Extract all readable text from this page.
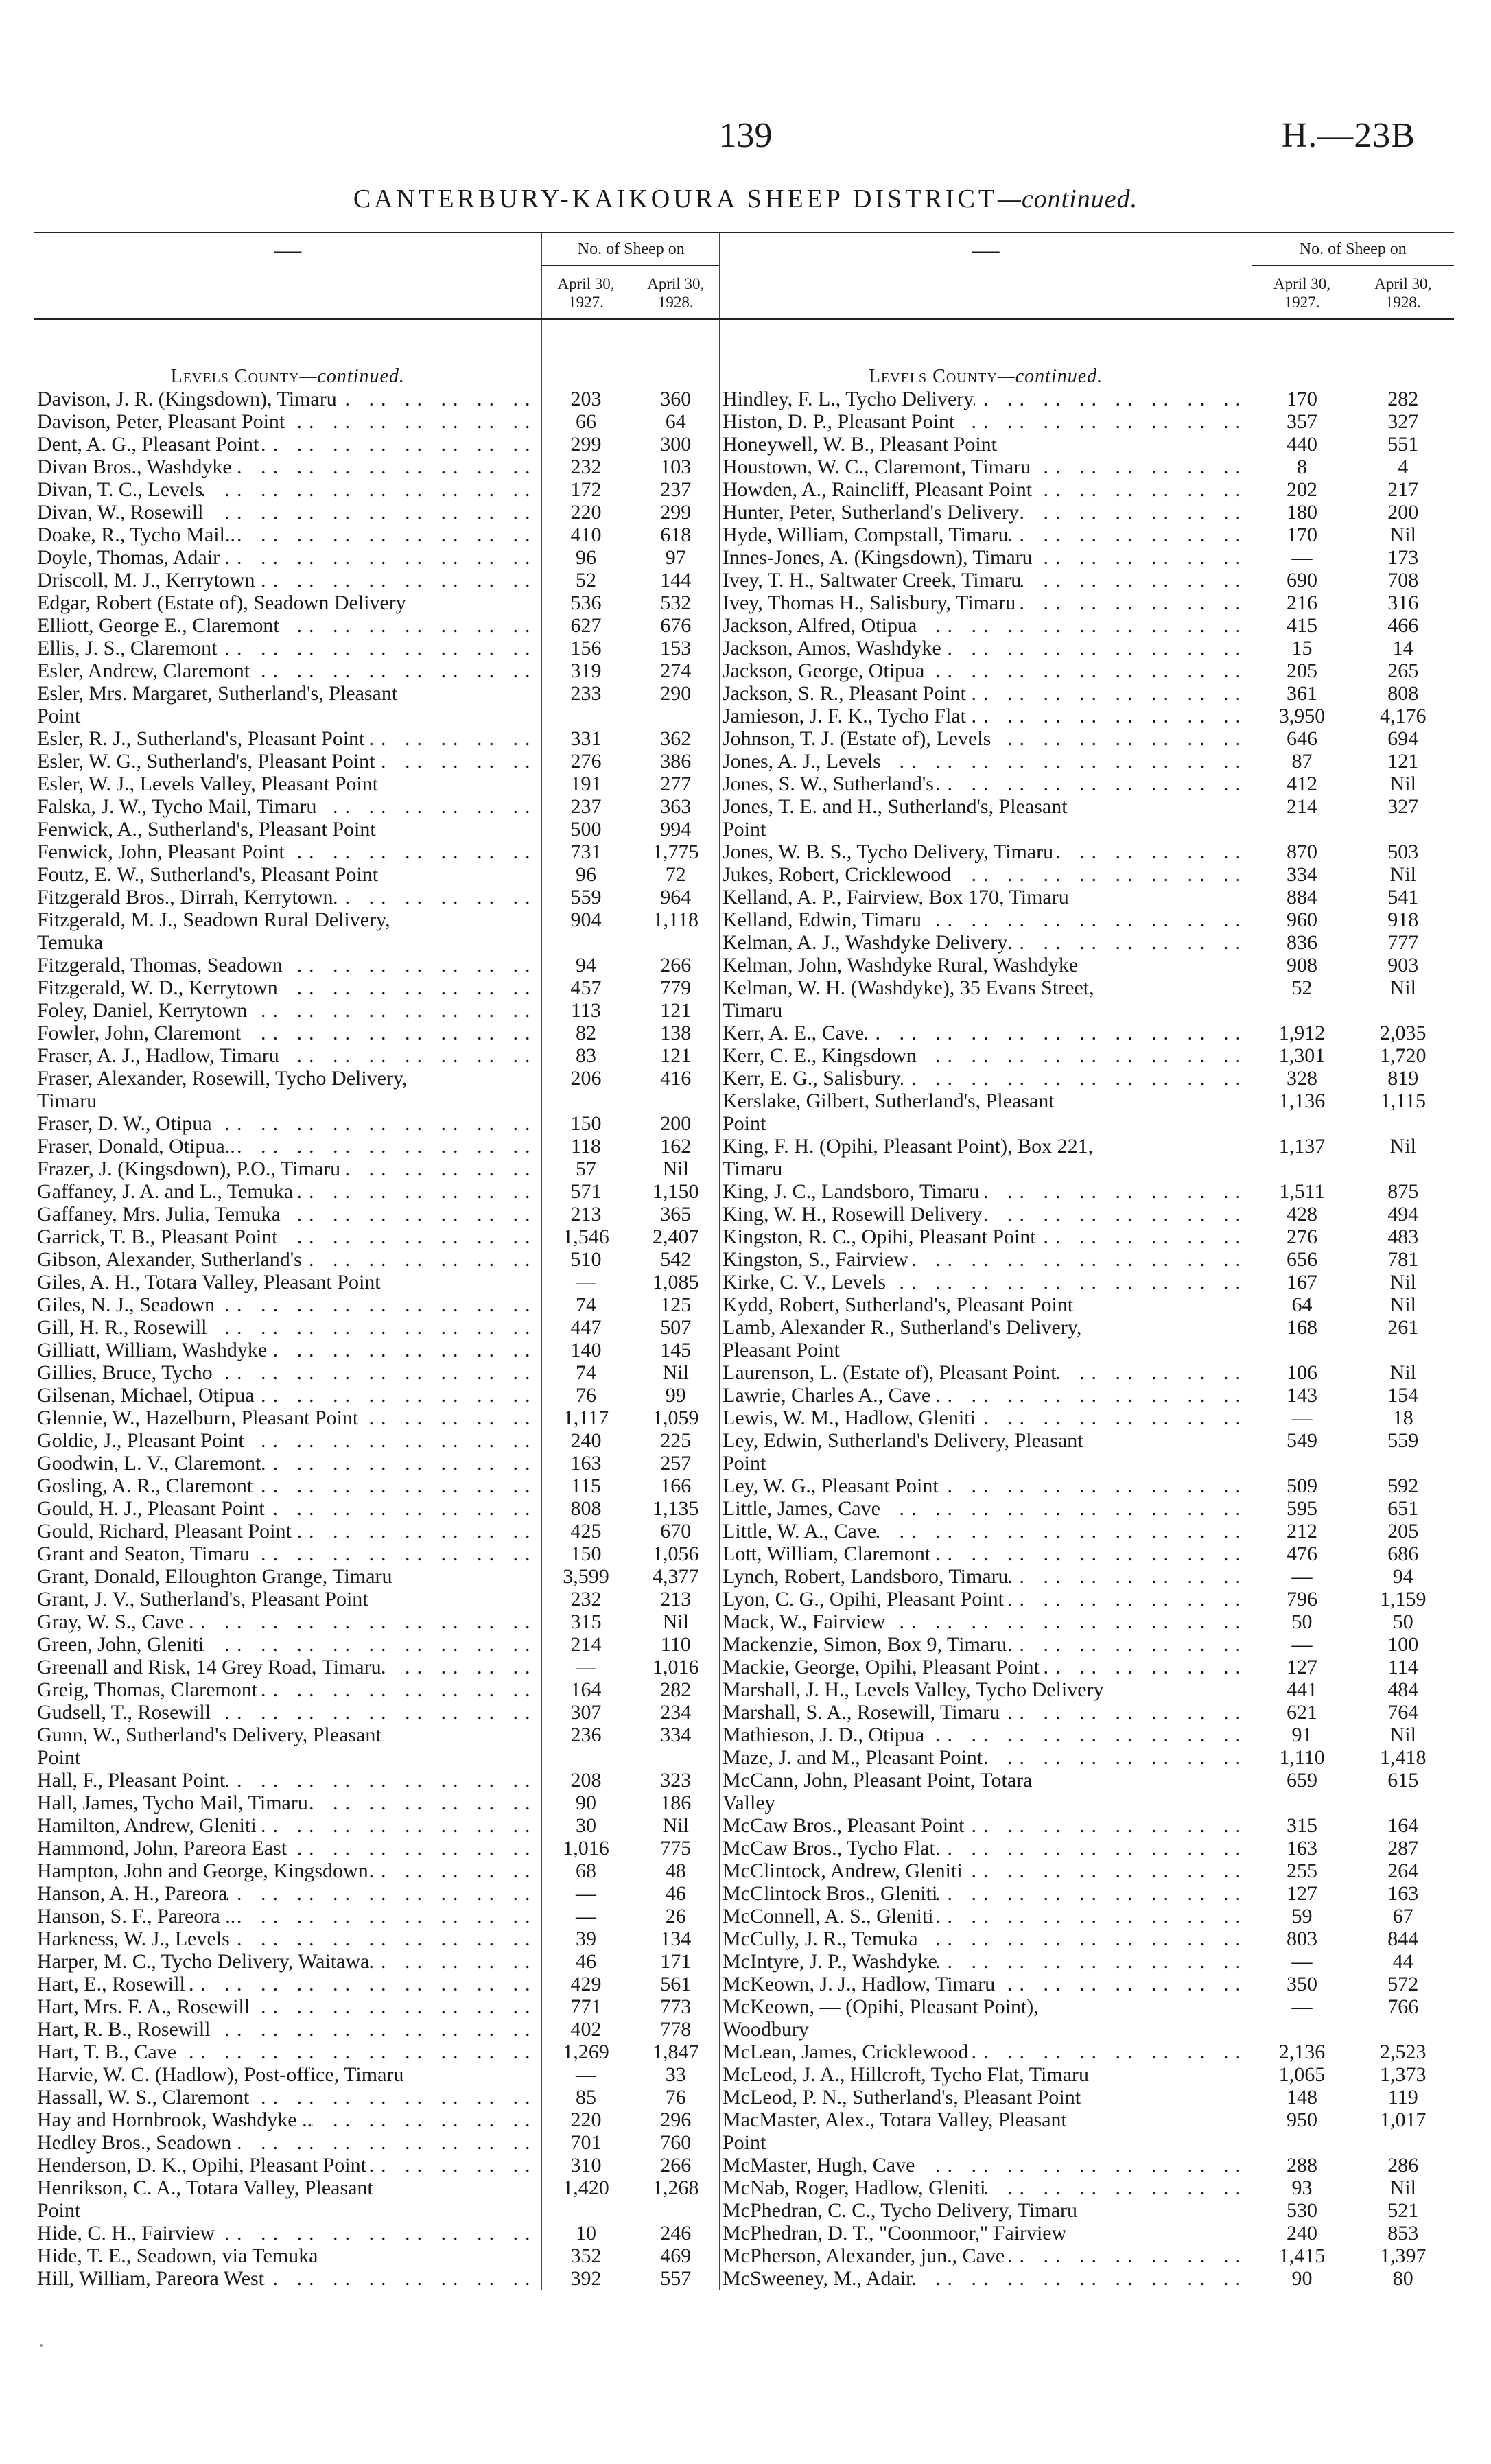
139	H.—23B
CANTERBURY-KAIKOURA SHEEP DISTRICT—continued.
—	No. of Sheep on	
	April 30,
1927.	April 30,
1928.
Levels County—continued.		

Davison, J. R. (Kingsdown), Timaru
.. ..	203	360

Davison, Peter, Pleasant Point
.. ..	66	64

Dent, A. G., Pleasant Point
.. ..	299	300

Divan Bros., Washdyke
.. ..	232	103

Divan, T. C., Levels
.. ..	172	237

Divan, W., Rosewill
.. ..	220	299

Doake, R., Tycho Mail..
.. ..	410	618

Doyle, Thomas, Adair
.. ..	96	97

Driscoll, M. J., Kerrytown
.. ..	52	144

Edgar, Robert (Estate of), Seadown Delivery	536	532

Elliott, George E., Claremont
.. ..	627	676

Ellis, J. S., Claremont
.. ..	156	153

Esler, Andrew, Claremont
.. ..	319	274

Esler, Mrs. Margaret, Sutherland's, Pleasant
Point	233	290

Esler, R. J., Sutherland's, Pleasant Point
.. ..	331	362

Esler, W. G., Sutherland's, Pleasant Point
.. ..	276	386

Esler, W. J., Levels Valley, Pleasant Point	191	277

Falska, J. W., Tycho Mail, Timaru
.. ..	237	363

Fenwick, A., Sutherland's, Pleasant Point	500	994

Fenwick, John, Pleasant Point
.. ..	731	1,775

Foutz, E. W., Sutherland's, Pleasant Point	96	72

Fitzgerald Bros., Dirrah, Kerrytown
.. ..	559	964

Fitzgerald, M. J., Seadown Rural Delivery,
Temuka	904	1,118

Fitzgerald, Thomas, Seadown
.. ..	94	266

Fitzgerald, W. D., Kerrytown
.. ..	457	779

Foley, Daniel, Kerrytown
.. ..	113	121

Fowler, John, Claremont
.. ..	82	138

Fraser, A. J., Hadlow, Timaru
.. ..	83	121

Fraser, Alexander, Rosewill, Tycho Delivery,
Timaru	206	416

Fraser, D. W., Otipua
.. ..	150	200

Fraser, Donald, Otipua..
.. ..	118	162

Frazer, J. (Kingsdown), P.O., Timaru
.. ..	57	Nil

Gaffaney, J. A. and L., Temuka
.. ..	571	1,150

Gaffaney, Mrs. Julia, Temuka
.. ..	213	365

Garrick, T. B., Pleasant Point
.. ..	1,546	2,407

Gibson, Alexander, Sutherland's
.. ..	510	542

Giles, A. H., Totara Valley, Pleasant Point	—	1,085

Giles, N. J., Seadown
.. ..	74	125

Gill, H. R., Rosewill
.. ..	447	507

Gilliatt, William, Washdyke
.. ..	140	145

Gillies, Bruce, Tycho
.. ..	74	Nil

Gilsenan, Michael, Otipua
.. ..	76	99

Glennie, W., Hazelburn, Pleasant Point
.. ..	1,117	1,059

Goldie, J., Pleasant Point
.. ..	240	225

Goodwin, L. V., Claremont
.. ..	163	257

Gosling, A. R., Claremont
.. ..	115	166

Gould, H. J., Pleasant Point
.. ..	808	1,135

Gould, Richard, Pleasant Point
.. ..	425	670

Grant and Seaton, Timaru
.. ..	150	1,056

Grant, Donald, Elloughton Grange, Timaru	3,599	4,377

Grant, J. V., Sutherland's, Pleasant Point	232	213

Gray, W. S., Cave
.. ..	315	Nil

Green, John, Gleniti
.. ..	214	110

Greenall and Risk, 14 Grey Road, Timaru
.. ..	—	1,016

Greig, Thomas, Claremont
.. ..	164	282

Gudsell, T., Rosewill
.. ..	307	234

Gunn, W., Sutherland's Delivery, Pleasant
Point	236	334

Hall, F., Pleasant Point
.. ..	208	323

Hall, James, Tycho Mail, Timaru
.. ..	90	186

Hamilton, Andrew, Gleniti
.. ..	30	Nil

Hammond, John, Pareora East
.. ..	1,016	775

Hampton, John and George, Kingsdown
.. ..	68	48

Hanson, A. H., Pareora
.. ..	—	46

Hanson, S. F., Pareora ..
.. ..	—	26

Harkness, W. J., Levels
.. ..	39	134

Harper, M. C., Tycho Delivery, Waitawa
.. ..	46	171

Hart, E., Rosewill
.. ..	429	561

Hart, Mrs. F. A., Rosewill
.. ..	771	773

Hart, R. B., Rosewill
.. ..	402	778

Hart, T. B., Cave
.. ..	1,269	1,847

Harvie, W. C. (Hadlow), Post-office, Timaru	—	33

Hassall, W. S., Claremont
.. ..	85	76

Hay and Hornbrook, Washdyke ..
.. ..	220	296

Hedley Bros., Seadown
.. ..	701	760

Henderson, D. K., Opihi, Pleasant Point
.. ..	310	266

Henrikson, C. A., Totara Valley, Pleasant
Point	1,420	1,268

Hide, C. H., Fairview
.. ..	10	246

Hide, T. E., Seadown, via Temuka	352	469

Hill, William, Pareora West
.. ..	392	557
—	No. of Sheep on	
	April 30,
1927.	April 30,
1928.
Levels County—continued.		

Hindley, F. L., Tycho Delivery
.. ..	170	282

Histon, D. P., Pleasant Point
.. ..	357	327

Honeywell, W. B., Pleasant Point	440	551

Houstown, W. C., Claremont, Timaru
.. ..	8	4

Howden, A., Raincliff, Pleasant Point
.. ..	202	217

Hunter, Peter, Sutherland's Delivery
.. ..	180	200

Hyde, William, Compstall, Timaru
.. ..	170	Nil

Innes-Jones, A. (Kingsdown), Timaru
.. ..	—	173

Ivey, T. H., Saltwater Creek, Timaru
.. ..	690	708

Ivey, Thomas H., Salisbury, Timaru
.. ..	216	316

Jackson, Alfred, Otipua
.. ..	415	466

Jackson, Amos, Washdyke
.. ..	15	14

Jackson, George, Otipua
.. ..	205	265

Jackson, S. R., Pleasant Point
.. ..	361	808

Jamieson, J. F. K., Tycho Flat
.. ..	3,950	4,176

Johnson, T. J. (Estate of), Levels
.. ..	646	694

Jones, A. J., Levels
.. ..	87	121

Jones, S. W., Sutherland's
.. ..	412	Nil

Jones, T. E. and H., Sutherland's, Pleasant
Point	214	327

Jones, W. B. S., Tycho Delivery, Timaru
.. ..	870	503

Jukes, Robert, Cricklewood
.. ..	334	Nil

Kelland, A. P., Fairview, Box 170, Timaru	884	541

Kelland, Edwin, Timaru
.. ..	960	918

Kelman, A. J., Washdyke Delivery
.. ..	836	777

Kelman, John, Washdyke Rural, Washdyke	908	903

Kelman, W. H. (Washdyke), 35 Evans Street,
Timaru	52	Nil

Kerr, A. E., Cave
.. ..	1,912	2,035

Kerr, C. E., Kingsdown
.. ..	1,301	1,720

Kerr, E. G., Salisbury
.. ..	328	819

Kerslake, Gilbert, Sutherland's, Pleasant
Point	1,136	1,115

King, F. H. (Opihi, Pleasant Point), Box 221,
Timaru	1,137	Nil

King, J. C., Landsboro, Timaru
.. ..	1,511	875

King, W. H., Rosewill Delivery
.. ..	428	494

Kingston, R. C., Opihi, Pleasant Point
.. ..	276	483

Kingston, S., Fairview
.. ..	656	781

Kirke, C. V., Levels
.. ..	167	Nil

Kydd, Robert, Sutherland's, Pleasant Point	64	Nil

Lamb, Alexander R., Sutherland's Delivery,
Pleasant Point	168	261

Laurenson, L. (Estate of), Pleasant Point
.. ..	106	Nil

Lawrie, Charles A., Cave
.. ..	143	154

Lewis, W. M., Hadlow, Gleniti
.. ..	—	18

Ley, Edwin, Sutherland's Delivery, Pleasant
Point	549	559

Ley, W. G., Pleasant Point
.. ..	509	592

Little, James, Cave
.. ..	595	651

Little, W. A., Cave
.. ..	212	205

Lott, William, Claremont
.. ..	476	686

Lynch, Robert, Landsboro, Timaru
.. ..	—	94

Lyon, C. G., Opihi, Pleasant Point
.. ..	796	1,159

Mack, W., Fairview
.. ..	50	50

Mackenzie, Simon, Box 9, Timaru
.. ..	—	100

Mackie, George, Opihi, Pleasant Point
.. ..	127	114

Marshall, J. H., Levels Valley, Tycho Delivery	441	484

Marshall, S. A., Rosewill, Timaru
.. ..	621	764

Mathieson, J. D., Otipua
.. ..	91	Nil

Maze, J. and M., Pleasant Point
.. ..	1,110	1,418

McCann, John, Pleasant Point, Totara
Valley	659	615

McCaw Bros., Pleasant Point
.. ..	315	164

McCaw Bros., Tycho Flat
.. ..	163	287

McClintock, Andrew, Gleniti
.. ..	255	264

McClintock Bros., Gleniti
.. ..	127	163

McConnell, A. S., Gleniti
.. ..	59	67

McCully, J. R., Temuka
.. ..	803	844

McIntyre, J. P., Washdyke
.. ..	—	44

McKeown, J. J., Hadlow, Timaru
.. ..	350	572

McKeown, — (Opihi, Pleasant Point),
Woodbury	—	766

McLean, James, Cricklewood
.. ..	2,136	2,523

McLeod, J. A., Hillcroft, Tycho Flat, Timaru	1,065	1,373

McLeod, P. N., Sutherland's, Pleasant Point	148	119

MacMaster, Alex., Totara Valley, Pleasant
Point	950	1,017

McMaster, Hugh, Cave
.. ..	288	286

McNab, Roger, Hadlow, Gleniti
.. ..	93	Nil

McPhedran, C. C., Tycho Delivery, Timaru	530	521

McPhedran, D. T., "Coonmoor," Fairview	240	853

McPherson, Alexander, jun., Cave
.. ..	1,415	1,397

McSweeney, M., Adair
.. ..	90	80
